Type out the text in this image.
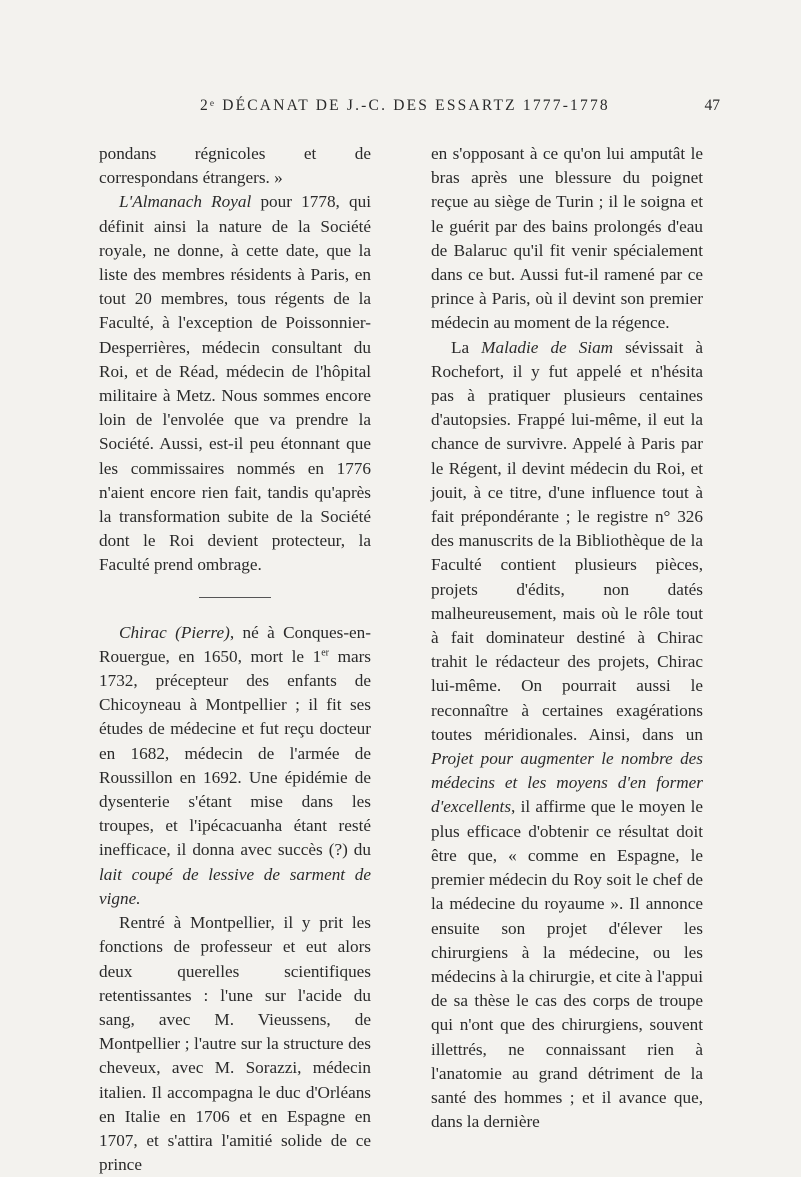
2ᵉ DÉCANAT DE J.-C. DES ESSARTZ 1777-1778	47

pondans régnicoles et de correspondans étrangers. »

L'Almanach Royal pour 1778, qui définit ainsi la nature de la Société royale, ne donne, à cette date, que la liste des membres résidents à Paris, en tout 20 membres, tous régents de la Faculté, à l'exception de Poissonnier-Desperrières, médecin consultant du Roi, et de Réad, médecin de l'hôpital militaire à Metz. Nous sommes encore loin de l'envolée que va prendre la Société. Aussi, est-il peu étonnant que les commissaires nommés en 1776 n'aient encore rien fait, tandis qu'après la transformation subite de la Société dont le Roi devient protecteur, la Faculté prend ombrage.

Chirac (Pierre), né à Conques-en-Rouergue, en 1650, mort le 1er mars 1732, précepteur des enfants de Chicoyneau à Montpellier ; il fit ses études de médecine et fut reçu docteur en 1682, médecin de l'armée de Roussillon en 1692. Une épidémie de dysenterie s'étant mise dans les troupes, et l'ipécacuanha étant resté inefficace, il donna avec succès (?) du lait coupé de lessive de sarment de vigne.

Rentré à Montpellier, il y prit les fonctions de professeur et eut alors deux querelles scientifiques retentissantes : l'une sur l'acide du sang, avec M. Vieussens, de Montpellier ; l'autre sur la structure des cheveux, avec M. Sorazzi, médecin italien. Il accompagna le duc d'Orléans en Italie en 1706 et en Espagne en 1707, et s'attira l'amitié solide de ce prince

en s'opposant à ce qu'on lui amputât le bras après une blessure du poignet reçue au siège de Turin ; il le soigna et le guérit par des bains prolongés d'eau de Balaruc qu'il fit venir spécialement dans ce but. Aussi fut-il ramené par ce prince à Paris, où il devint son premier médecin au moment de la régence.

La Maladie de Siam sévissait à Rochefort, il y fut appelé et n'hésita pas à pratiquer plusieurs centaines d'autopsies. Frappé lui-même, il eut la chance de survivre. Appelé à Paris par le Régent, il devint médecin du Roi, et jouit, à ce titre, d'une influence tout à fait prépondérante ; le registre n° 326 des manuscrits de la Bibliothèque de la Faculté contient plusieurs pièces, projets d'édits, non datés malheureusement, mais où le rôle tout à fait dominateur destiné à Chirac trahit le rédacteur des projets, Chirac lui-même. On pourrait aussi le reconnaître à certaines exagérations toutes méridionales. Ainsi, dans un Projet pour augmenter le nombre des médecins et les moyens d'en former d'excellents, il affirme que le moyen le plus efficace d'obtenir ce résultat doit être que, « comme en Espagne, le premier médecin du Roy soit le chef de la médecine du royaume ». Il annonce ensuite son projet d'élever les chirurgiens à la médecine, ou les médecins à la chirurgie, et cite à l'appui de sa thèse le cas des corps de troupe qui n'ont que des chirurgiens, souvent illettrés, ne connaissant rien à l'anatomie au grand détriment de la santé des hommes ; et il avance que, dans la dernière
